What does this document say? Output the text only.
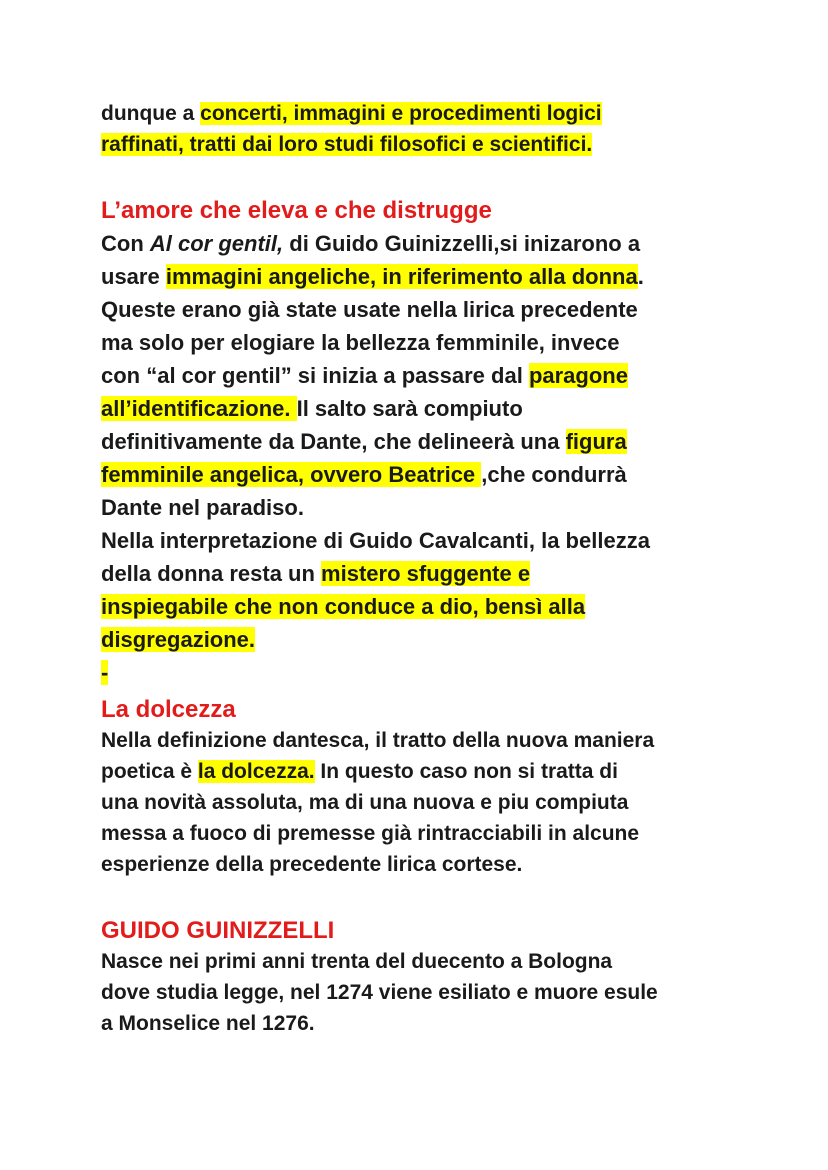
dunque a concerti, immagini e procedimenti logici
raffinati, tratti dai loro studi filosofici e scientifici.
L’amore che eleva e che distrugge
Con Al cor gentil, di Guido Guinizzelli,si inizarono a
usare immagini angeliche, in riferimento alla donna.
Queste erano già state usate nella lirica precedente
ma solo per elogiare la bellezza femminile, invece
con “al cor gentil” si inizia a passare dal paragone
all’identificazione. Il salto sarà compiuto
definitivamente da Dante, che delineerà una figura
femminile angelica, ovvero Beatrice ,che condurrà
Dante nel paradiso.
Nella interpretazione di Guido Cavalcanti, la bellezza
della donna resta un mistero sfuggente e
inspiegabile che non conduce a dio, bensì alla
disgregazione.
-
La dolcezza
Nella definizione dantesca, il tratto della nuova maniera
poetica è la dolcezza. In questo caso non si tratta di
una novità assoluta, ma di una nuova e piu compiuta
messa a fuoco di premesse già rintracciabili in alcune
esperienze della precedente lirica cortese.
GUIDO GUINIZZELLI
Nasce nei primi anni trenta del duecento a Bologna
dove studia legge, nel 1274 viene esiliato e muore esule
a Monselice nel 1276.
